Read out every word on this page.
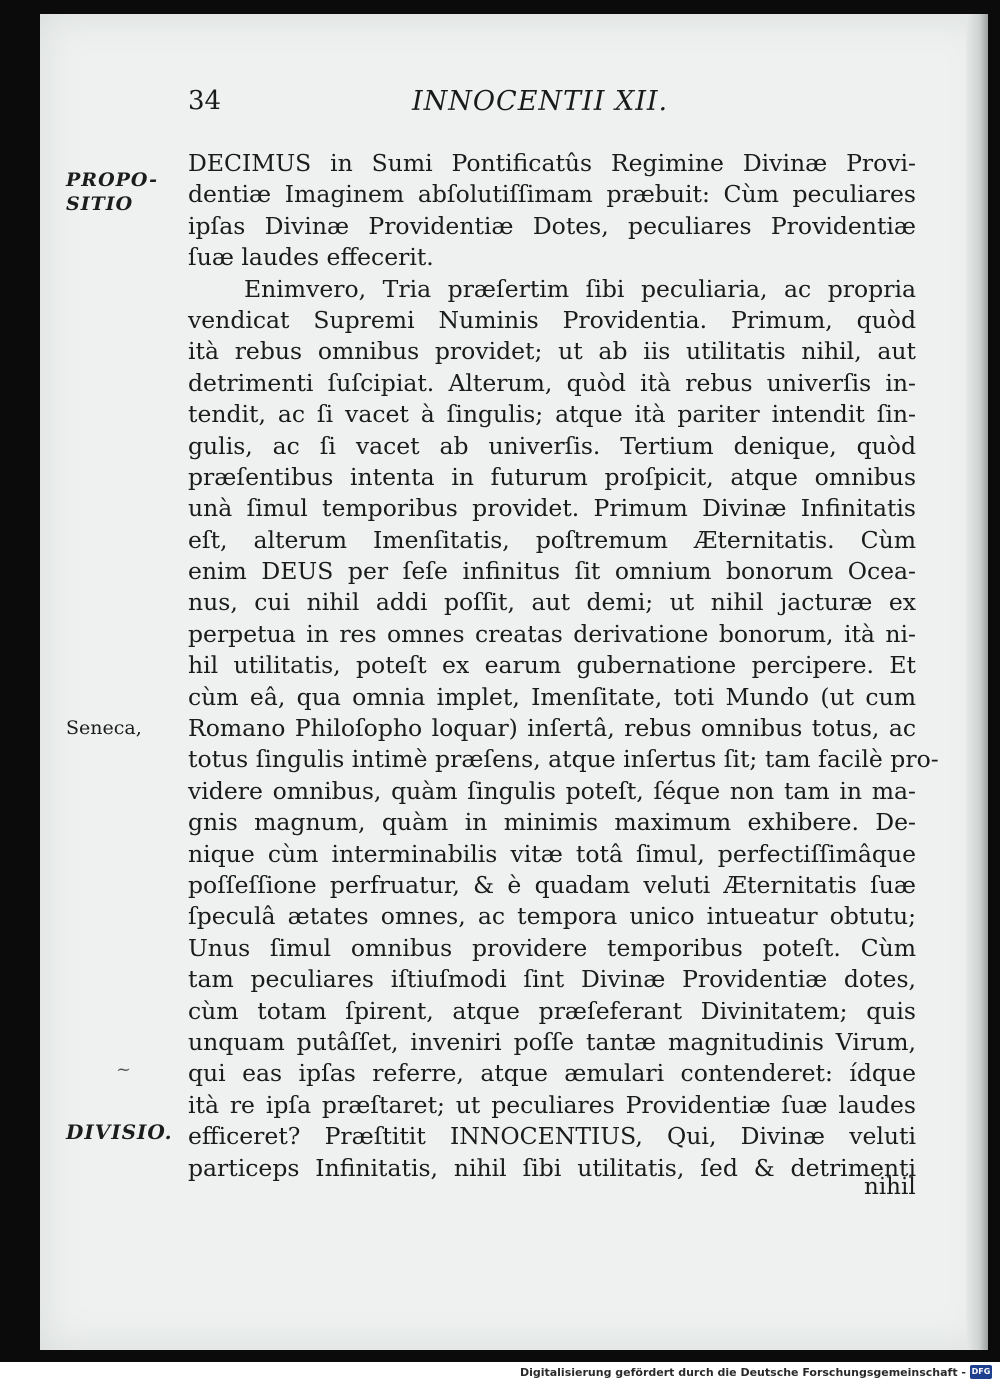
34	INNOCENTII XII.
PROPO-
SITIO
Seneca,
~
DIVISIO.
DECIMUS in Sumi Pontificatûs Regimine Divinæ Provi-
dentiæ Imaginem abſolutiſſimam præbuit: Cùm peculiares
ipſas Divinæ Providentiæ Dotes, peculiares Providentiæ
ſuæ laudes effecerit.
Enimvero, Tria præſertim ſibi peculiaria, ac propria
vendicat Supremi Numinis Providentia. Primum, quòd
ità rebus omnibus providet; ut ab iis utilitatis nihil, aut
detrimenti ſuſcipiat. Alterum, quòd ità rebus univerſis in-
tendit, ac ſi vacet à ſingulis; atque ità pariter intendit ſin-
gulis, ac ſi vacet ab univerſis. Tertium denique, quòd
præſentibus intenta in futurum proſpicit, atque omnibus
unà ſimul temporibus providet. Primum Divinæ Infinitatis
eſt, alterum Imenſitatis, poſtremum Æternitatis. Cùm
enim DEUS per ſeſe infinitus ſit omnium bonorum Ocea-
nus, cui nihil addi poſſit, aut demi; ut nihil jacturæ ex
perpetua in res omnes creatas derivatione bonorum, ità ni-
hil utilitatis, poteſt ex earum gubernatione percipere. Et
cùm eâ, qua omnia implet, Imenſitate, toti Mundo (ut cum
Romano Philoſopho loquar) inſertâ, rebus omnibus totus, ac
totus ſingulis intimè præſens, atque inſertus ſit; tam facilè pro-
videre omnibus, quàm ſingulis poteſt, ſéque non tam in ma-
gnis magnum, quàm in minimis maximum exhibere. De-
nique cùm interminabilis vitæ totâ ſimul, perfectiſſimâque
poſſeſſione perfruatur, & è quadam veluti Æternitatis ſuæ
ſpeculâ ætates omnes, ac tempora unico intueatur obtutu;
Unus ſimul omnibus providere temporibus poteſt. Cùm
tam peculiares iſtiuſmodi ſint Divinæ Providentiæ dotes,
cùm totam ſpirent, atque præſeferant Divinitatem; quis
unquam putâſſet, inveniri poſſe tantæ magnitudinis Virum,
qui eas ipſas referre, atque æmulari contenderet: ídque
ità re ipſa præſtaret; ut peculiares Providentiæ ſuæ laudes
efficeret? Præſtitit INNOCENTIUS, Qui, Divinæ veluti
particeps Infinitatis, nihil ſibi utilitatis, ſed & detrimenti
nihil
Digitalisierung gefördert durch die Deutsche Forschungsgemeinschaft - DFG
